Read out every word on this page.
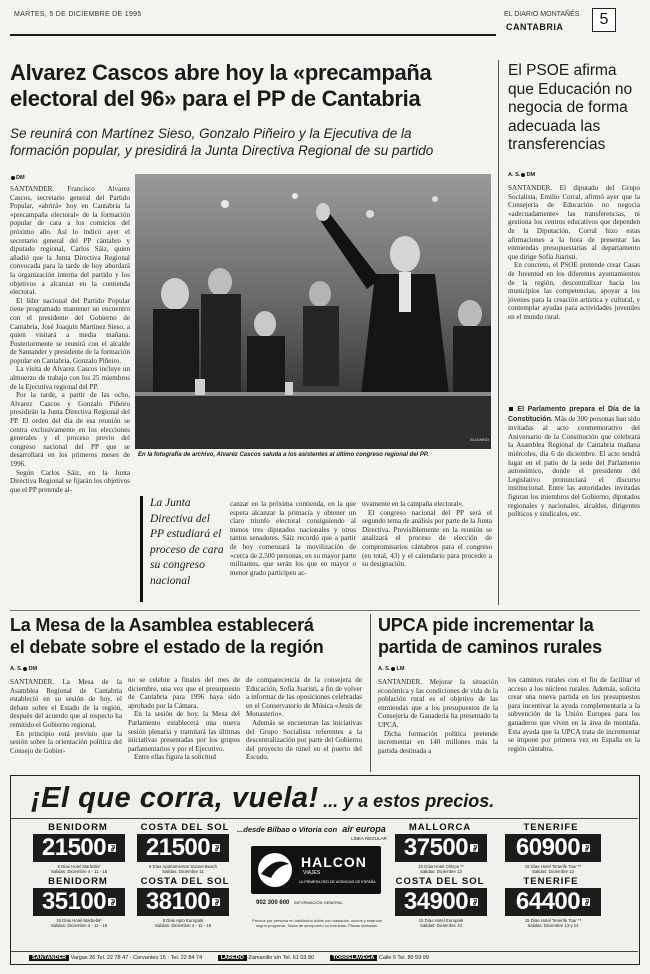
MARTES, 5 DE DICIEMBRE DE 1995	EL DIARIO MONTAÑÉS
CANTABRIA	5
Alvarez Cascos abre hoy la «precampaña
electoral del 96» para el PP de Cantabria
Se reunirá con Martínez Sieso, Gonzalo Piñeiro y la Ejecutiva de la
formación popular, y presidirá la Junta Directiva Regional de su partido
DM

SANTANDER. Francisco Alvarez Cascos, secretario general del Partido Popular, «abrirá» hoy en Cantabria la «precampaña electoral» de la formación popular de cara a los comicios del próximo año. Así lo indicó ayer el secretario general del PP cántabro y diputado regional, Carlos Sáiz, quien añadió que la Junta Directiva Regional convocada para la tarde de hoy abordará la organización interna del partido y los objetivos a alcanzar en la contienda electoral.

El líder nacional del Partido Popular tiene programado mantener un encuentro con el presidente del Gobierno de Cantabria, José Joaquín Martínez Sieso, a quien visitará a media mañana. Posteriormente se reunirá con el alcalde de Santander y presidente de la formación popular en Cantabria, Gonzalo Piñeiro.

La visita de Alvarez Cascos incluye un almuerzo de trabajo con los 25 miembros de la Ejecutiva regional del PP.

Por la tarde, a partir de las ocho, Alvarez Cascos y Gonzalo Piñeiro presidirán la Junta Directiva Regional del PP. El orden del día de esa reunión se centra exclusivamente en los elecciones generales y el proceso previo del congreso nacional del PP que se desarrollará en los primeros meses de 1996.

Según Carlos Sáiz, en la Junta Directiva Regional se fijarán los objetivos que el PP pretende al-

ELDIARIO
En la fotografía de archivo, Alvarez Cascos saluda a los asistentes al último congreso regional del PP.
La Junta Directiva del PP estudiará el proceso de cara su congreso nacional
canzar en la próxima contienda, en la que espera alcanzar la primacía y obtener un claro triunfo electoral consiguiendo al menos tres diputados nacionales y otros tantos senadores. Sáiz recordó que a partir de hoy comenzará la movilización de «cerca de 2.500 personas, en su mayor parte militantes, que serán los que en mayor o menor grado participen ac-

tivamente en la campaña electoral».

El congreso nacional del PP será el segundo tema de análisis por parte de la Junta Directiva. Previsiblemente en la reunión se analizará el proceso de elección de compromisarios cántabros para el congreso (en total, 43) y el calendario para proceder a su designación.

El PSOE afirma que Educación no negocia de forma adecuada las transferencias
A. S. DM

SANTANDER. El diputado del Grupo Socialista, Emilio Corral, afirmó ayer que la Consejería de Educación no negocia «adecuadamente» las transferencias, ni gestiona los centros educativos que dependen de la Diputación. Corral hizo estas afirmaciones a la hora de presentar las enmiendas presupuestarias al departamento que dirige Sofía Juaristi.

En concreto, el PSOE pretende crear Casas de Juventud en los diferentes ayuntamientos de la región, descentralizar hacia los municipios las competencias, apoyar a los jóvenes para la creación artística y cultural, y contemplar ayudas para actividades juveniles en el mundo rural.

El Parlamento prepara el Día de la Constitución. Más de 300 personas han sido invitadas al acto conmemorativo del Aniversario de la Constitución que celebrará la Asamblea Regional de Cantabria mañana miércoles, día 6 de diciembre. El acto tendrá lugar en el patio de la sede del Parlamento autonómico, donde el presidente del Legislativo pronunciará el discurso institucional. Entre las autoridades invitadas figuran los miembros del Gobierno, diputados regionales y nacionales, alcaldes, dirigentes políticos y sindicales, etc.
La Mesa de la Asamblea establecerá
el debate sobre el estado de la región
A. S. DM

SANTANDER. La Mesa de la Asamblea Regional de Cantabria estableció en su sesión de hoy, el debate sobre el Estado de la región, después del acuerdo que al respecto ha remitido el Gobierno regional.

En principio está previsto que la sesión sobre la orientación política del Consejo de Gobier-

no se celebre a finales del mes de diciembre, una vez que el presupuesto de Cantabria para 1996 haya sido aprobado por la Cámara.

En la sesión de hoy, la Mesa del Parlamento establecerá una nueva sesión plenaria y tramitará las últimas iniciativas presentadas por los grupos parlamentarios y por el Ejecutivo.

Entre ellas figura la solicitud

de comparecencia de la consejera de Educación, Sofía Juaristi, a fin de volver a informar de las oposiciones celebradas en el Conservatorio de Música «Jesús de Monasterio».

Además se encuentran las iniciativas del Grupo Socialista referentes a la descentralización por parte del Gobierno del proyecto de túnel en el puerto del Escudo.

UPCA pide incrementar la
partida de caminos rurales
A. S. LM

SANTANDER. Mejorar la situación económica y las condiciones de vida de la población rural es el objetivo de las enmiendas que a los presupuestos de la Consejería de Ganadería ha presentado la UPCA.

Dicha formación política pretende incrementar en 140 millones más la partida destinada a

los caminos rurales con el fin de facilitar el acceso a los núcleos rurales. Además, solicita crear una nueva partida en los presupuestos para incentivar la ayuda complementaria a la subvención de la Unión Europea para los ganaderos que viven en la área de montaña. Esta ayuda que la UPCA trata de incrementar se impone por primera vez en España en la región cántabra.
¡El que corra, vuela! ... y a estos precios.
BENIDORM
21500 Pts
8 Días Hotel Marbella*
Salidas: Diciembre 4 - 11 - 18
COSTA DEL SOL
21500 Pts
8 Días Apartamentos Sunset Beach
Salidas: Diciembre 11
...desde Bilbao o Vitoria con air europa
LÍNEA REGULAR
MALLORCA
37500 Pts
10 Días Hotel Olimpo **
Salidas: Diciembre 13
TENERIFE
60900 Pts
15 Días Hotel Tenerife Tour **
Salidas: Diciembre 13
BENIDORM
35100 Pts
15 Días Hotel Marbella*
Salidas: Diciembre 4 - 11 - 18
COSTA DEL SOL
38100 Pts
8 Días Apto Europark
Salidas: Diciembre 4 - 11 - 18
HALCON
VIAJES
LA PRIMERA RED DE AGENCIAS DE ESPAÑA
902 300 600 INFORMACIÓN GENERAL
Precios por persona en habitación doble con traslados, vuelos y estancia según programa. Tasas de aeropuerto no incluidas. Plazas limitadas.
COSTA DEL SOL
34900 Pts
15 Días Hotel Europark
Salidas: Diciembre 13
TENERIFE
64400 Pts
15 Días Hotel Tenerife Tour **
Salidas: Diciembre 13 y 14
SANTANDER Vargas 26 Tel. 22 78 47 - Cervantes 15 · Tel. 22 84 74	LAREDO Zamanillo s/n Tel. 61 03 80	TORRELAVEGA Calle 6 Tel. 80 59 99
